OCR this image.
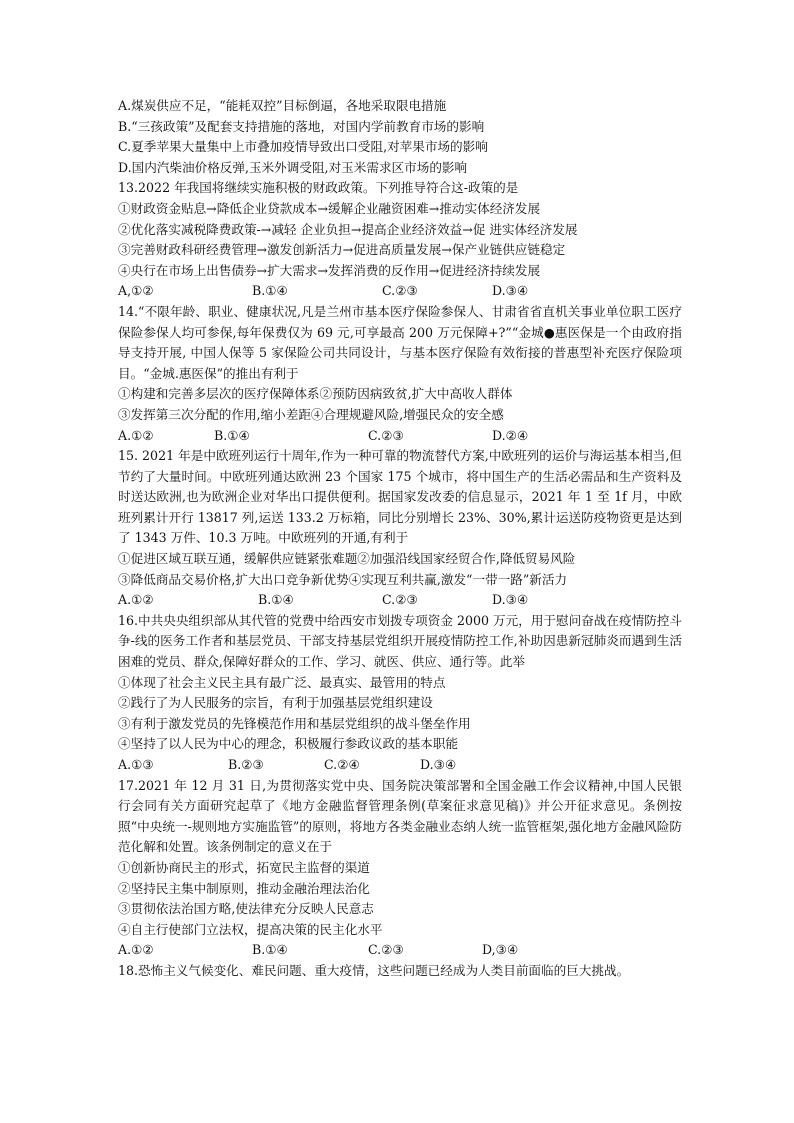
A.煤炭供应不足，“能耗双控”目标倒逼，各地采取限电措施
B.“三孩政策”及配套支持措施的落地，对国内学前教育市场的影响
C.夏季苹果大量集中上市叠加疫情导致出口受阻,对苹果市场的影响
D.国内汽柴油价格反弹,玉米外调受阻,对玉米需求区市场的影响
13.2022 年我国将继续实施积极的财政政策。下列推导符合这-政策的是
①财政资金贴息→降低企业贷款成本→缓解企业融资困难→推动实体经济发展
②优化落实减税降费政策-→减轻 企业负担→提高企业经济效益→促 进实体经济发展
③完善财政科研经费管理→激发创新活力→促进高质量发展→保产业链供应链稳定
④央行在市场上出售债券→扩大需求→发挥消费的反作用→促进经济持续发展
A,①②	B.①④	C.②③	D.③④
14.“不限年龄、职业、健康状况,凡是兰州市基本医疗保险参保人、甘肃省省直机关事业单位职工医疗保险参保人均可参保,每年保费仅为 69 元,可享最高 200 万元保障+?”“金城●惠医保是一个由政府指导支持开展, 中国人保等 5 家保险公司共同设计，与基本医疗保险有效衔接的普惠型补充医疗保险项目。“金城.惠医保”的推出有利于
①构建和完善多层次的医疗保障体系②预防因病致贫,扩大中高收人群体
③发挥第三次分配的作用,缩小差距④合理规避风险,增强民众的安全感
A.①②	B.①④	C.②③	D.②④
15. 2021 年是中欧班列运行十周年,作为一种可靠的物流替代方案,中欧班列的运价与海运基本相当,但节约了大量时间。中欧班列通达欧洲 23 个国家 175 个城市，将中国生产的生活必需品和生产资料及时送达欧洲,也为欧洲企业对华出口提供便利。据国家发改委的信息显示，2021 年 1 至 1f 月，中欧班列累计开行 13817 列,运送 133.2 万标箱，同比分别增长 23%、30%,累计运送防疫物资更是达到了 1343 万件、10.3 万吨。中欧班列的开通,有利于
①促进区域互联互通，缓解供应链紧张难题②加强沿线国家经贸合作,降低贸易风险
③降低商品交易价格,扩大出口竞争新优势④实现互利共赢,激发“一带一路”新活力
A.①②	B.①④	C.②③	D.③④
16.中共央央组织部从其代管的党费中给西安市划拨专项资金 2000 万元，用于慰问奋战在疫情防控斗争-线的医务工作者和基层党员、干部支持基层党组织开展疫情防控工作,补助因患新冠肺炎而遇到生活困难的党员、群众,保障好群众的工作、学习、就医、供应、通行等。此举
①体现了社会主义民主具有最广泛、最真实、最管用的特点
②践行了为人民服务的宗旨，有利于加强基层党组织建设
③有利于激发党员的先锋模范作用和基层党组织的战斗堡垒作用
④坚持了以人民为中心的理念，积极履行参政议政的基本职能
A.①③	B.②③	C.②④	D.③④
17.2021 年 12 月 31 日,为贯彻落实党中央、国务院决策部署和全国金融工作会议精神,中国人民银行会同有关方面研究起草了《地方金融监督管理条例(草案征求意见稿)》并公开征求意见。条例按照“中央统一-规则地方实施监管”的原则，将地方各类金融业态纳人统一监管框架,强化地方金融风险防范化解和处置。该条例制定的意义在于
①创新协商民主的形式，拓宽民主监督的渠道
②坚持民主集中制原则，推动金融治理法治化
③贯彻依法治国方略,使法律充分反映人民意志
④自主行使部门立法权，提高决策的民主化水平
A.①②	B.①④	C.②③	D,③④
18.恐怖主义气候变化、难民问题、重大疫情，这些问题已经成为人类目前面临的巨大挑战。
